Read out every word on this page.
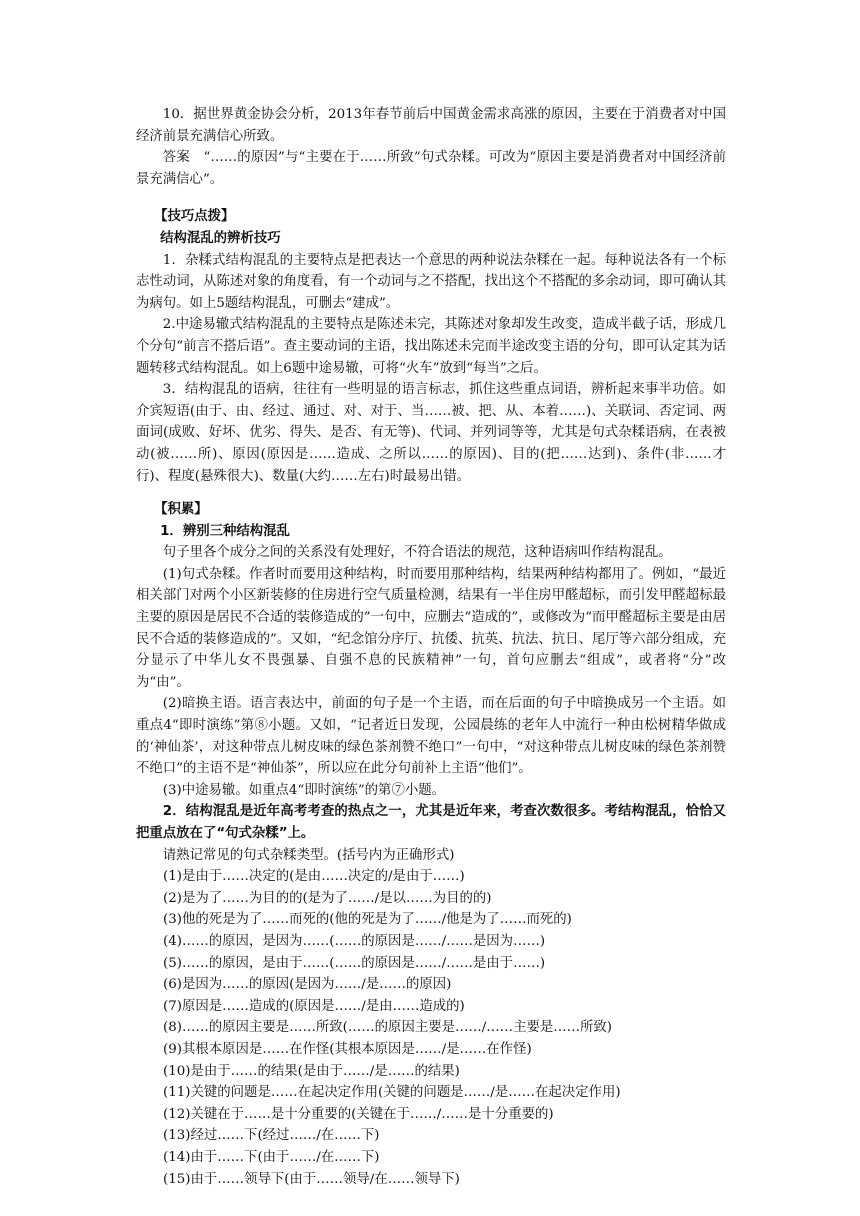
10．据世界黄金协会分析，2013年春节前后中国黄金需求高涨的原因，主要在于消费者对中国经济前景充满信心所致。

答案　“……的原因”与“主要在于……所致”句式杂糅。可改为“原因主要是消费者对中国经济前景充满信心”。

【技巧点拨】

结构混乱的辨析技巧

1．杂糅式结构混乱的主要特点是把表达一个意思的两种说法杂糅在一起。每种说法各有一个标志性动词，从陈述对象的角度看，有一个动词与之不搭配，找出这个不搭配的多余动词，即可确认其为病句。如上5题结构混乱，可删去“建成”。

2.中途易辙式结构混乱的主要特点是陈述未完，其陈述对象却发生改变，造成半截子话，形成几个分句“前言不搭后语”。查主要动词的主语，找出陈述未完而半途改变主语的分句，即可认定其为话题转移式结构混乱。如上6题中途易辙，可将“火车”放到“每当”之后。

3．结构混乱的语病，往往有一些明显的语言标志，抓住这些重点词语，辨析起来事半功倍。如介宾短语(由于、由、经过、通过、对、对于、当……被、把、从、本着……)、关联词、否定词、两面词(成败、好坏、优劣、得失、是否、有无等)、代词、并列词等等，尤其是句式杂糅语病，在表被动(被……所)、原因(原因是……造成、之所以……的原因)、目的(把……达到)、条件(非……才行)、程度(悬殊很大)、数量(大约……左右)时最易出错。

【积累】

1．辨别三种结构混乱

句子里各个成分之间的关系没有处理好，不符合语法的规范，这种语病叫作结构混乱。

(1)句式杂糅。作者时而要用这种结构，时而要用那种结构，结果两种结构都用了。例如，“最近相关部门对两个小区新装修的住房进行空气质量检测，结果有一半住房甲醛超标，而引发甲醛超标最主要的原因是居民不合适的装修造成的”一句中，应删去“造成的”，或修改为“而甲醛超标主要是由居民不合适的装修造成的”。又如，“纪念馆分序厅、抗倭、抗英、抗法、抗日、尾厅等六部分组成，充分显示了中华儿女不畏强暴、自强不息的民族精神”一句，首句应删去“组成”，或者将“分”改为“由”。

(2)暗换主语。语言表达中，前面的句子是一个主语，而在后面的句子中暗换成另一个主语。如重点4“即时演练”第⑧小题。又如，“记者近日发现，公园晨练的老年人中流行一种由松树精华做成的‘神仙茶’，对这种带点儿树皮味的绿色茶剂赞不绝口”一句中，“对这种带点儿树皮味的绿色茶剂赞不绝口”的主语不是“神仙茶”，所以应在此分句前补上主语“他们”。

(3)中途易辙。如重点4“即时演练”的第⑦小题。

2．结构混乱是近年高考考查的热点之一，尤其是近年来，考查次数很多。考结构混乱，恰恰又把重点放在了“句式杂糅”上。

请熟记常见的句式杂糅类型。(括号内为正确形式)

(1)是由于……决定的(是由……决定的/是由于……)

(2)是为了……为目的的(是为了……/是以……为目的的)

(3)他的死是为了……而死的(他的死是为了……/他是为了……而死的)

(4)……的原因，是因为……(……的原因是……/……是因为……)

(5)……的原因，是由于……(……的原因是……/……是由于……)

(6)是因为……的原因(是因为……/是……的原因)

(7)原因是……造成的(原因是……/是由……造成的)

(8)……的原因主要是……所致(……的原因主要是……/……主要是……所致)

(9)其根本原因是……在作怪(其根本原因是……/是……在作怪)

(10)是由于……的结果(是由于……/是……的结果)

(11)关键的问题是……在起决定作用(关键的问题是……/是……在起决定作用)

(12)关键在于……是十分重要的(关键在于……/……是十分重要的)

(13)经过……下(经过……/在……下)

(14)由于……下(由于……/在……下)

(15)由于……领导下(由于……领导/在……领导下)
